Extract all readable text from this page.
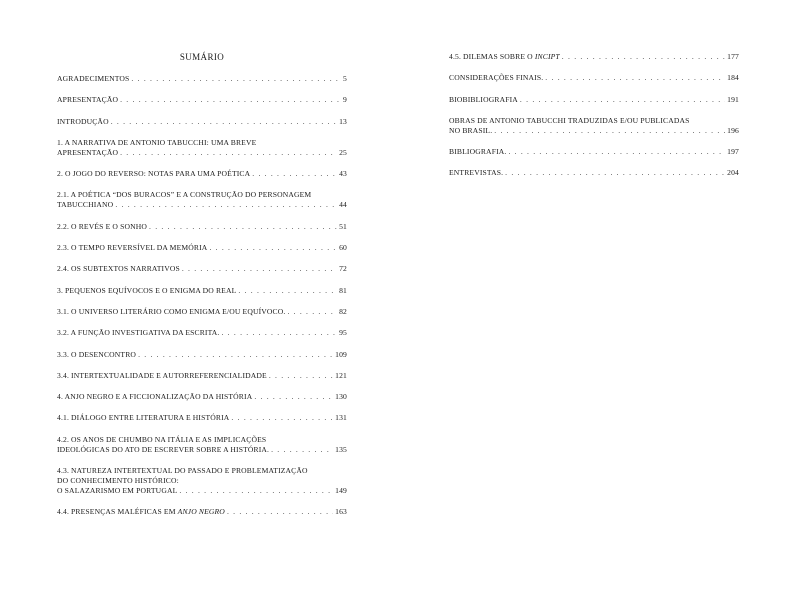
SUMÁRIO
AGRADECIMENTOS . . .	5
APRESENTAÇÃO . . .	9
INTRODUÇÃO . . .	13
1. A NARRATIVA DE ANTONIO TABUCCHI: UMA BREVE
APRESENTAÇÃO . . .	25
2. O JOGO DO REVERSO: NOTAS PARA UMA POÉTICA . . .	43
2.1. A POÉTICA “DOS BURACOS” E A CONSTRUÇÃO DO PERSONAGEM
TABUCCHIANO . . .	44
2.2. O REVÉS E O SONHO . . .	51
2.3. O TEMPO REVERSÍVEL DA MEMÓRIA . . .	60
2.4. OS SUBTEXTOS NARRATIVOS . . .	72
3. PEQUENOS EQUÍVOCOS E O ENIGMA DO REAL . . .	81
3.1. O UNIVERSO LITERÁRIO COMO ENIGMA E/OU EQUÍVOCO. . . .	82
3.2. A FUNÇÃO INVESTIGATIVA DA ESCRITA. . . .	95
3.3. O DESENCONTRO . . .	109
3.4. INTERTEXTUALIDADE E AUTORREFERENCIALIDADE . . .	121
4. ANJO NEGRO E A FICCIONALIZAÇÃO DA HISTÓRIA . . .	130
4.1. DIÁLOGO ENTRE LITERATURA E HISTÓRIA . . .	131
4.2. OS ANOS DE CHUMBO NA ITÁLIA E AS IMPLICAÇÕES
IDEOLÓGICAS DO ATO DE ESCREVER SOBRE A HISTÓRIA. . . .	135
4.3. NATUREZA INTERTEXTUAL DO PASSADO E PROBLEMATIZAÇÃO
DO CONHECIMENTO HISTÓRICO:
O SALAZARISMO EM PORTUGAL . . .	149
4.4. PRESENÇAS MALÉFICAS EM ANJO NEGRO . . .	163
4.5. DILEMAS SOBRE O INCIPT . . .	177
CONSIDERAÇÕES FINAIS. . . .	184
BIOBIBLIOGRAFIA . . .	191
OBRAS DE ANTONIO TABUCCHI TRADUZIDAS E/OU PUBLICADAS
NO BRASIL. . . .	196
BIBLIOGRAFIA. . . .	197
ENTREVISTAS. . . .	204
